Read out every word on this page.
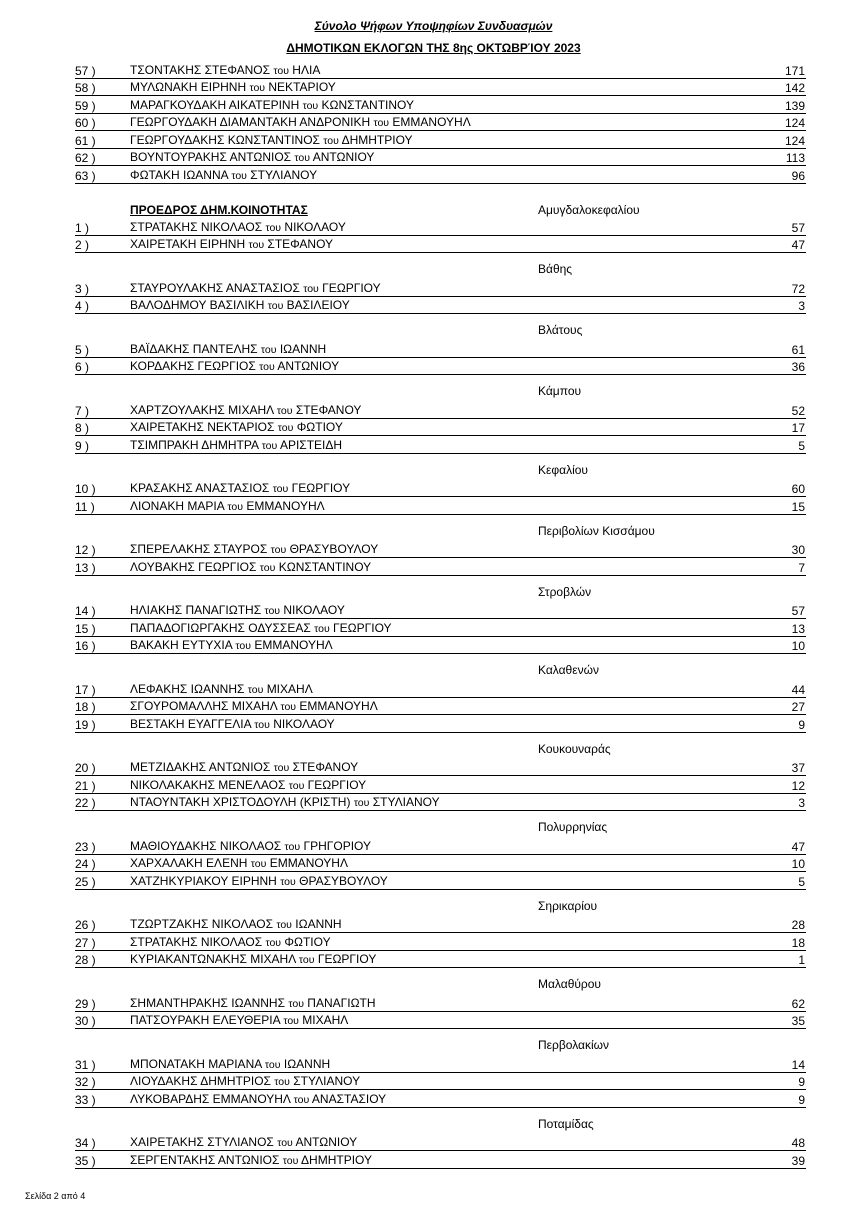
Σύνολο Ψήφων Υποψηφίων Συνδυασμών
ΔΗΜΟΤΙΚΩΝ ΕΚΛΟΓΩΝ ΤΗΣ 8ης ΟΚΤΩΒΡΊΟΥ 2023
57 )	ΤΣΟΝΤΑΚΗΣ ΣΤΕΦΑΝΟΣ του ΗΛΙΑ	171
58 )	ΜΥΛΩΝΑΚΗ ΕΙΡΗΝΗ του ΝΕΚΤΑΡΙΟΥ	142
59 )	ΜΑΡΑΓΚΟΥΔΑΚΗ ΑΙΚΑΤΕΡΙΝΗ του ΚΩΝΣΤΑΝΤΙΝΟΥ	139
60 )	ΓΕΩΡΓΟΥΔΑΚΗ ΔΙΑΜΑΝΤΑΚΗ ΑΝΔΡΟΝΙΚΗ του ΕΜΜΑΝΟΥΗΛ	124
61 )	ΓΕΩΡΓΟΥΔΑΚΗΣ ΚΩΝΣΤΑΝΤΙΝΟΣ του ΔΗΜΗΤΡΙΟΥ	124
62 )	ΒΟΥΝΤΟΥΡΑΚΗΣ ΑΝΤΩΝΙΟΣ του ΑΝΤΩΝΙΟΥ	113
63 )	ΦΩΤΑΚΗ ΙΩΑΝΝΑ του ΣΤΥΛΙΑΝΟΥ	96
ΠΡΟΕΔΡΟΣ ΔΗΜ.ΚΟΙΝΟΤΗΤΑΣ	Αμυγδαλοκεφαλίου
1 )	ΣΤΡΑΤΑΚΗΣ ΝΙΚΟΛΑΟΣ του ΝΙΚΟΛΑΟΥ	57
2 )	ΧΑΙΡΕΤΑΚΗ ΕΙΡΗΝΗ του ΣΤΕΦΑΝΟΥ	47
Βάθης
3 )	ΣΤΑΥΡΟΥΛΑΚΗΣ ΑΝΑΣΤΑΣΙΟΣ του ΓΕΩΡΓΙΟΥ	72
4 )	ΒΑΛΟΔΗΜΟΥ ΒΑΣΙΛΙΚΗ του ΒΑΣΙΛΕΙΟΥ	3
Βλάτους
5 )	ΒΑΪΔΑΚΗΣ ΠΑΝΤΕΛΗΣ του ΙΩΑΝΝΗ	61
6 )	ΚΟΡΔΑΚΗΣ ΓΕΩΡΓΙΟΣ του ΑΝΤΩΝΙΟΥ	36
Κάμπου
7 )	ΧΑΡΤΖΟΥΛΑΚΗΣ ΜΙΧΑΗΛ του ΣΤΕΦΑΝΟΥ	52
8 )	ΧΑΙΡΕΤΑΚΗΣ ΝΕΚΤΑΡΙΟΣ του ΦΩΤΙΟΥ	17
9 )	ΤΣΙΜΠΡΑΚΗ ΔΗΜΗΤΡΑ του ΑΡΙΣΤΕΙΔΗ	5
Κεφαλίου
10 )	ΚΡΑΣΑΚΗΣ ΑΝΑΣΤΑΣΙΟΣ του ΓΕΩΡΓΙΟΥ	60
11 )	ΛΙΟΝΑΚΗ ΜΑΡΙΑ του ΕΜΜΑΝΟΥΗΛ	15
Περιβολίων Κισσάμου
12 )	ΣΠΕΡΕΛΑΚΗΣ ΣΤΑΥΡΟΣ του ΘΡΑΣΥΒΟΥΛΟΥ	30
13 )	ΛΟΥΒΑΚΗΣ ΓΕΩΡΓΙΟΣ του ΚΩΝΣΤΑΝΤΙΝΟΥ	7
Στροβλών
14 )	ΗΛΙΑΚΗΣ ΠΑΝΑΓΙΩΤΗΣ του ΝΙΚΟΛΑΟΥ	57
15 )	ΠΑΠΑΔΟΓΙΩΡΓΑΚΗΣ ΟΔΥΣΣΕΑΣ του ΓΕΩΡΓΙΟΥ	13
16 )	ΒΑΚΑΚΗ ΕΥΤΥΧΙΑ του ΕΜΜΑΝΟΥΗΛ	10
Καλαθενών
17 )	ΛΕΦΑΚΗΣ ΙΩΑΝΝΗΣ του ΜΙΧΑΗΛ	44
18 )	ΣΓΟΥΡΟΜΑΛΛΗΣ ΜΙΧΑΗΛ του ΕΜΜΑΝΟΥΗΛ	27
19 )	ΒΕΣΤΑΚΗ ΕΥΑΓΓΕΛΙΑ του ΝΙΚΟΛΑΟΥ	9
Κουκουναράς
20 )	ΜΕΤΖΙΔΑΚΗΣ ΑΝΤΩΝΙΟΣ του ΣΤΕΦΑΝΟΥ	37
21 )	ΝΙΚΟΛΑΚΑΚΗΣ ΜΕΝΕΛΑΟΣ του ΓΕΩΡΓΙΟΥ	12
22 )	ΝΤΑΟΥΝΤΑΚΗ ΧΡΙΣΤΟΔΟΥΛΗ (ΚΡΙΣΤΗ) του ΣΤΥΛΙΑΝΟΥ	3
Πολυρρηνίας
23 )	ΜΑΘΙΟΥΔΑΚΗΣ ΝΙΚΟΛΑΟΣ του ΓΡΗΓΟΡΙΟΥ	47
24 )	ΧΑΡΧΑΛΑΚΗ ΕΛΕΝΗ του ΕΜΜΑΝΟΥΗΛ	10
25 )	ΧΑΤΖΗΚΥΡΙΑΚΟΥ ΕΙΡΗΝΗ του ΘΡΑΣΥΒΟΥΛΟΥ	5
Σηρικαρίου
26 )	ΤΖΩΡΤΖΑΚΗΣ ΝΙΚΟΛΑΟΣ του ΙΩΑΝΝΗ	28
27 )	ΣΤΡΑΤΑΚΗΣ ΝΙΚΟΛΑΟΣ του ΦΩΤΙΟΥ	18
28 )	ΚΥΡΙΑΚΑΝΤΩΝΑΚΗΣ ΜΙΧΑΗΛ του ΓΕΩΡΓΙΟΥ	1
Μαλαθύρου
29 )	ΣΗΜΑΝΤΗΡΑΚΗΣ ΙΩΑΝΝΗΣ του ΠΑΝΑΓΙΩΤΗ	62
30 )	ΠΑΤΣΟΥΡΑΚΗ ΕΛΕΥΘΕΡΙΑ του ΜΙΧΑΗΛ	35
Περβολακίων
31 )	ΜΠΟΝΑΤΑΚΗ ΜΑΡΙΑΝΑ του ΙΩΑΝΝΗ	14
32 )	ΛΙΟΥΔΑΚΗΣ ΔΗΜΗΤΡΙΟΣ του ΣΤΥΛΙΑΝΟΥ	9
33 )	ΛΥΚΟΒΑΡΔΗΣ ΕΜΜΑΝΟΥΗΛ του ΑΝΑΣΤΑΣΙΟΥ	9
Ποταμίδας
34 )	ΧΑΙΡΕΤΑΚΗΣ ΣΤΥΛΙΑΝΟΣ του ΑΝΤΩΝΙΟΥ	48
35 )	ΣΕΡΓΕΝΤΑΚΗΣ ΑΝΤΩΝΙΟΣ του ΔΗΜΗΤΡΙΟΥ	39
Σελίδα 2 από 4
